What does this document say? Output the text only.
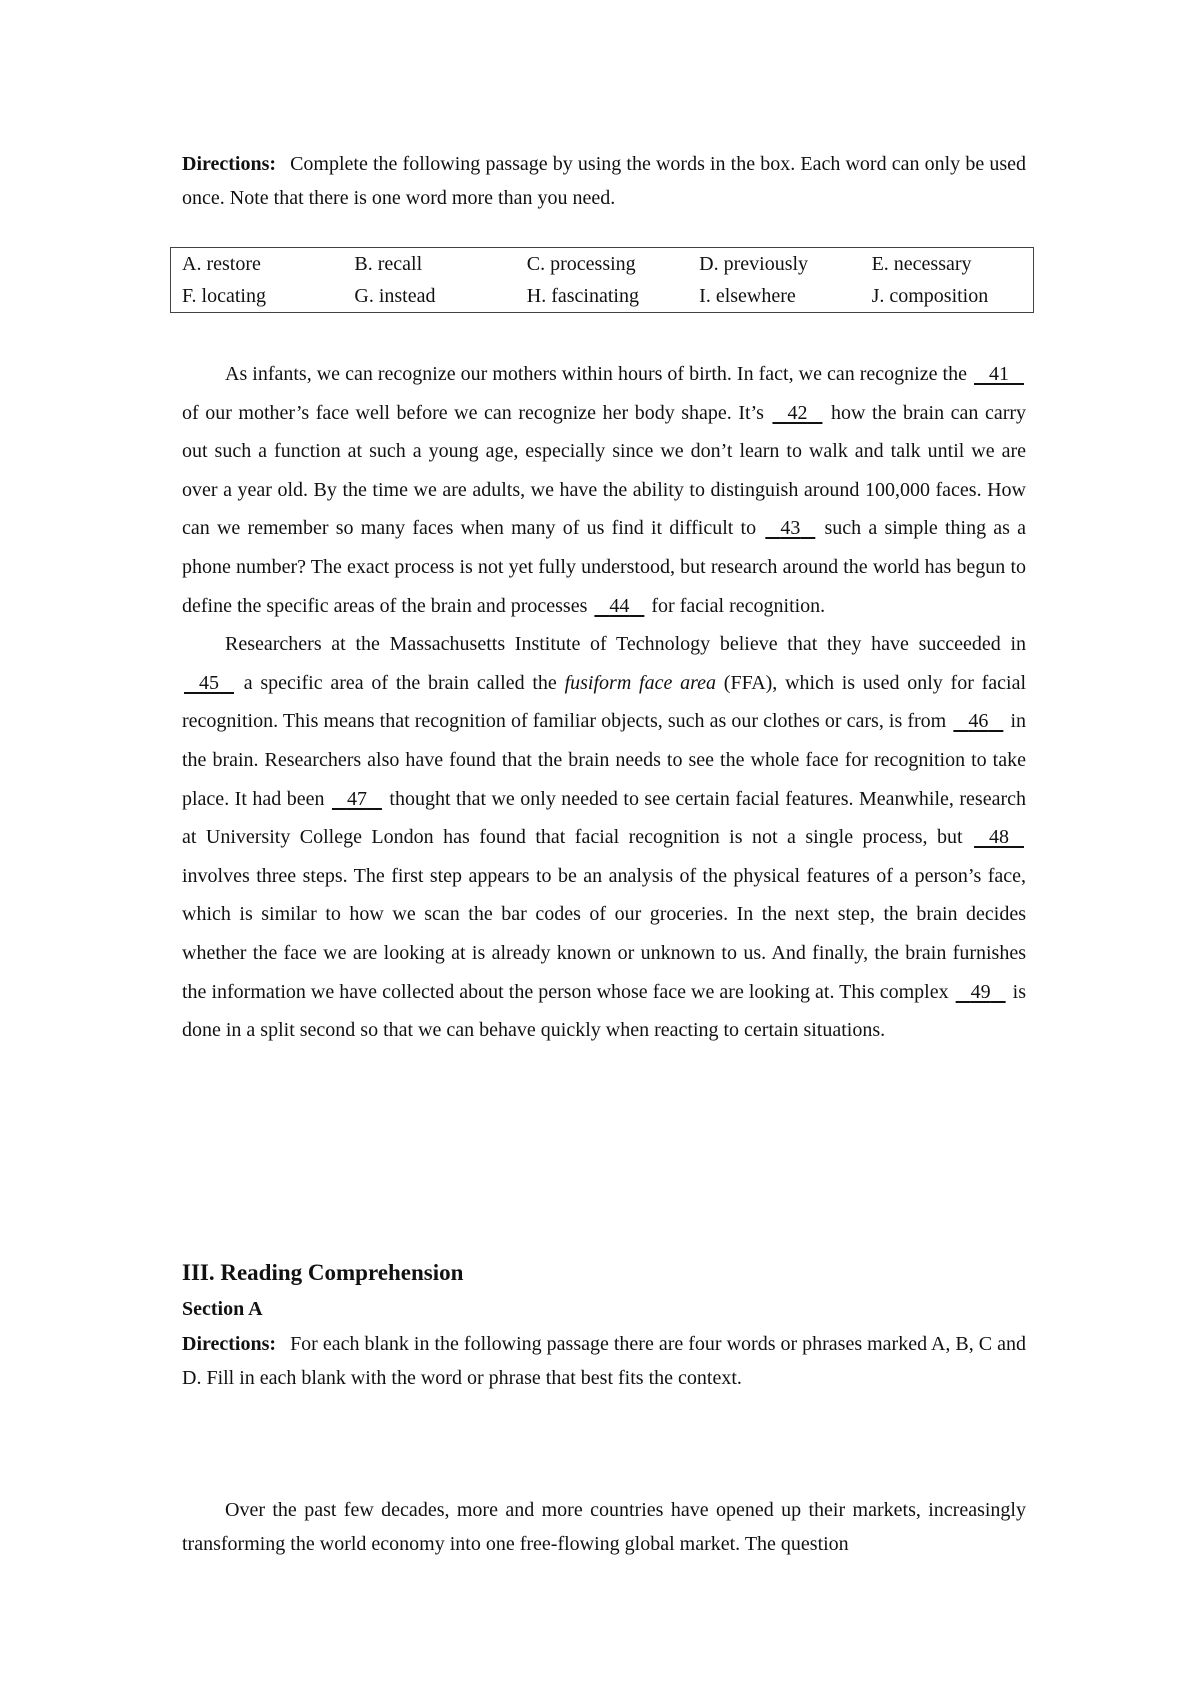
Directions: Complete the following passage by using the words in the box. Each word can only be used once. Note that there is one word more than you need.
A. restore	B. recall	C. processing	D. previously	E. necessary
F. locating	G. instead	H. fascinating	I. elsewhere	J. composition

As infants, we can recognize our mothers within hours of birth. In fact, we can recognize the 41    of our mother’s face well before we can recognize her body shape. It’s 42 how the brain can carry out such a function at such a young age, especially since we don’t learn to walk and talk until we are over a year old. By the time we are adults, we have the ability to distinguish around 100,000 faces. How can we remember so many faces when many of us find it difficult to 43 such a simple thing as a phone number? The exact process is not yet fully understood, but research around the world has begun to define the specific areas of the brain and processes 44 for facial recognition.

Researchers at the Massachusetts Institute of Technology believe that they have succeeded in    45 a specific area of the brain called the fusiform face area (FFA), which is used only for facial recognition. This means that recognition of familiar objects, such as our clothes or cars, is from 46 in the brain. Researchers also have found that the brain needs to see the whole face for recognition to take place. It had been 47 thought that we only needed to see certain facial features. Meanwhile, research at University College London has found that facial recognition is not a single process, but 48    involves three steps. The first step appears to be an analysis of the physical features of a person’s face, which is similar to how we scan the bar codes of our groceries. In the next step, the brain decides whether the face we are looking at is already known or unknown to us. And finally, the brain furnishes the information we have collected about the person whose face we are looking at. This complex 49 is done in a split second so that we can behave quickly when reacting to certain situations.

III. Reading Comprehension
Section A
Directions: For each blank in the following passage there are four words or phrases marked A, B, C and D. Fill in each blank with the word or phrase that best fits the context.
Over the past few decades, more and more countries have opened up their markets, increasingly transforming the world economy into one free-flowing global market. The question
